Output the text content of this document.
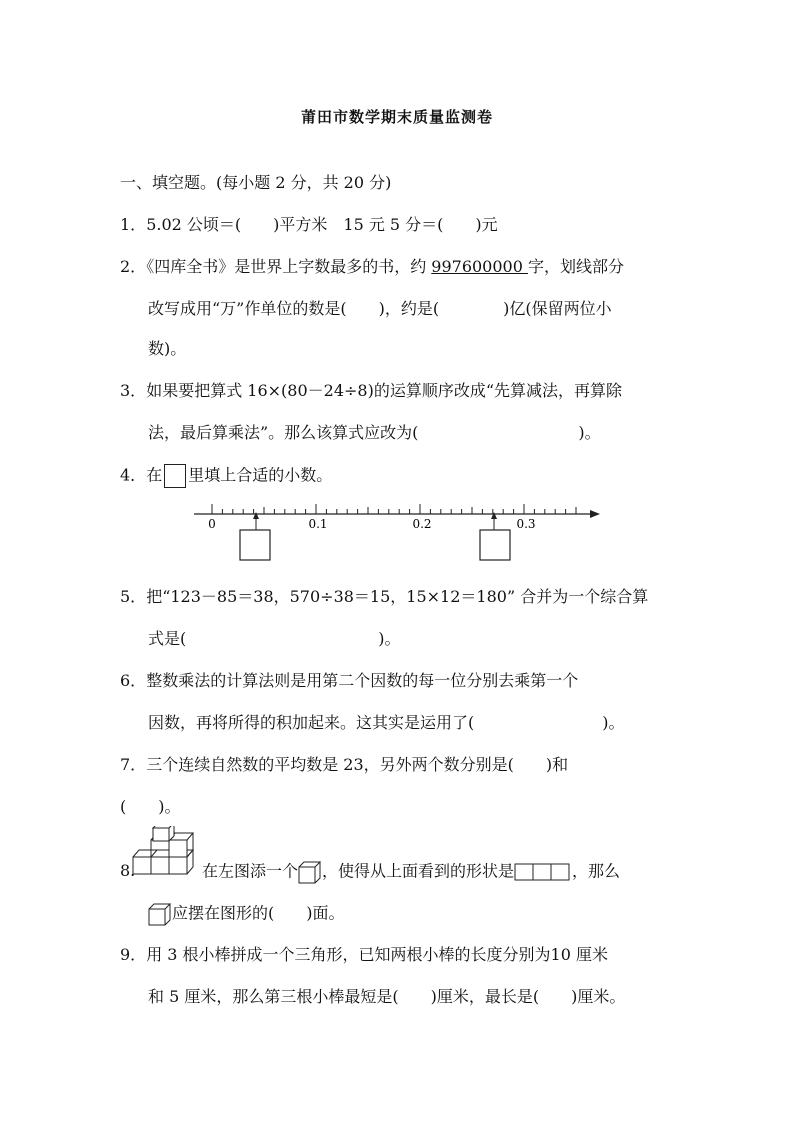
莆田市数学期末质量监测卷
一、填空题。(每小题 2 分，共 20 分)
1．5.02 公顷＝(　　)平方米　15 元 5 分＝(　　)元
2．《四库全书》是世界上字数最多的书，约 997600000 字，划线部分
改写成用“万”作单位的数是(　　)，约是(　　　　)亿(保留两位小
数)。
3．如果要把算式 16×(80－24÷8)的运算顺序改成“先算减法，再算除
法，最后算乘法”。那么该算式应改为(　　　　　　　　　　)。
4．在 里填上合适的小数。
0	0.1	0.2	0.3
5．把“123－85＝38，570÷38＝15，15×12＝180” 合并为一个综合算
式是(　　　　　　　　　　　　)。
6．整数乘法的计算法则是用第二个因数的每一位分别去乘第一个
因数，再将所得的积加起来。这其实是运用了(　　　　　　　　)。
7．三个连续自然数的平均数是 23，另外两个数分别是(　　)和
(　　)。
8.	在左图添一个 ，使得从上面看到的形状是	，那么
应摆在图形的(　　)面。
9．用 3 根小棒拼成一个三角形，已知两根小棒的长度分别为10 厘米
和 5 厘米，那么第三根小棒最短是(　　)厘米，最长是(　　)厘米。
